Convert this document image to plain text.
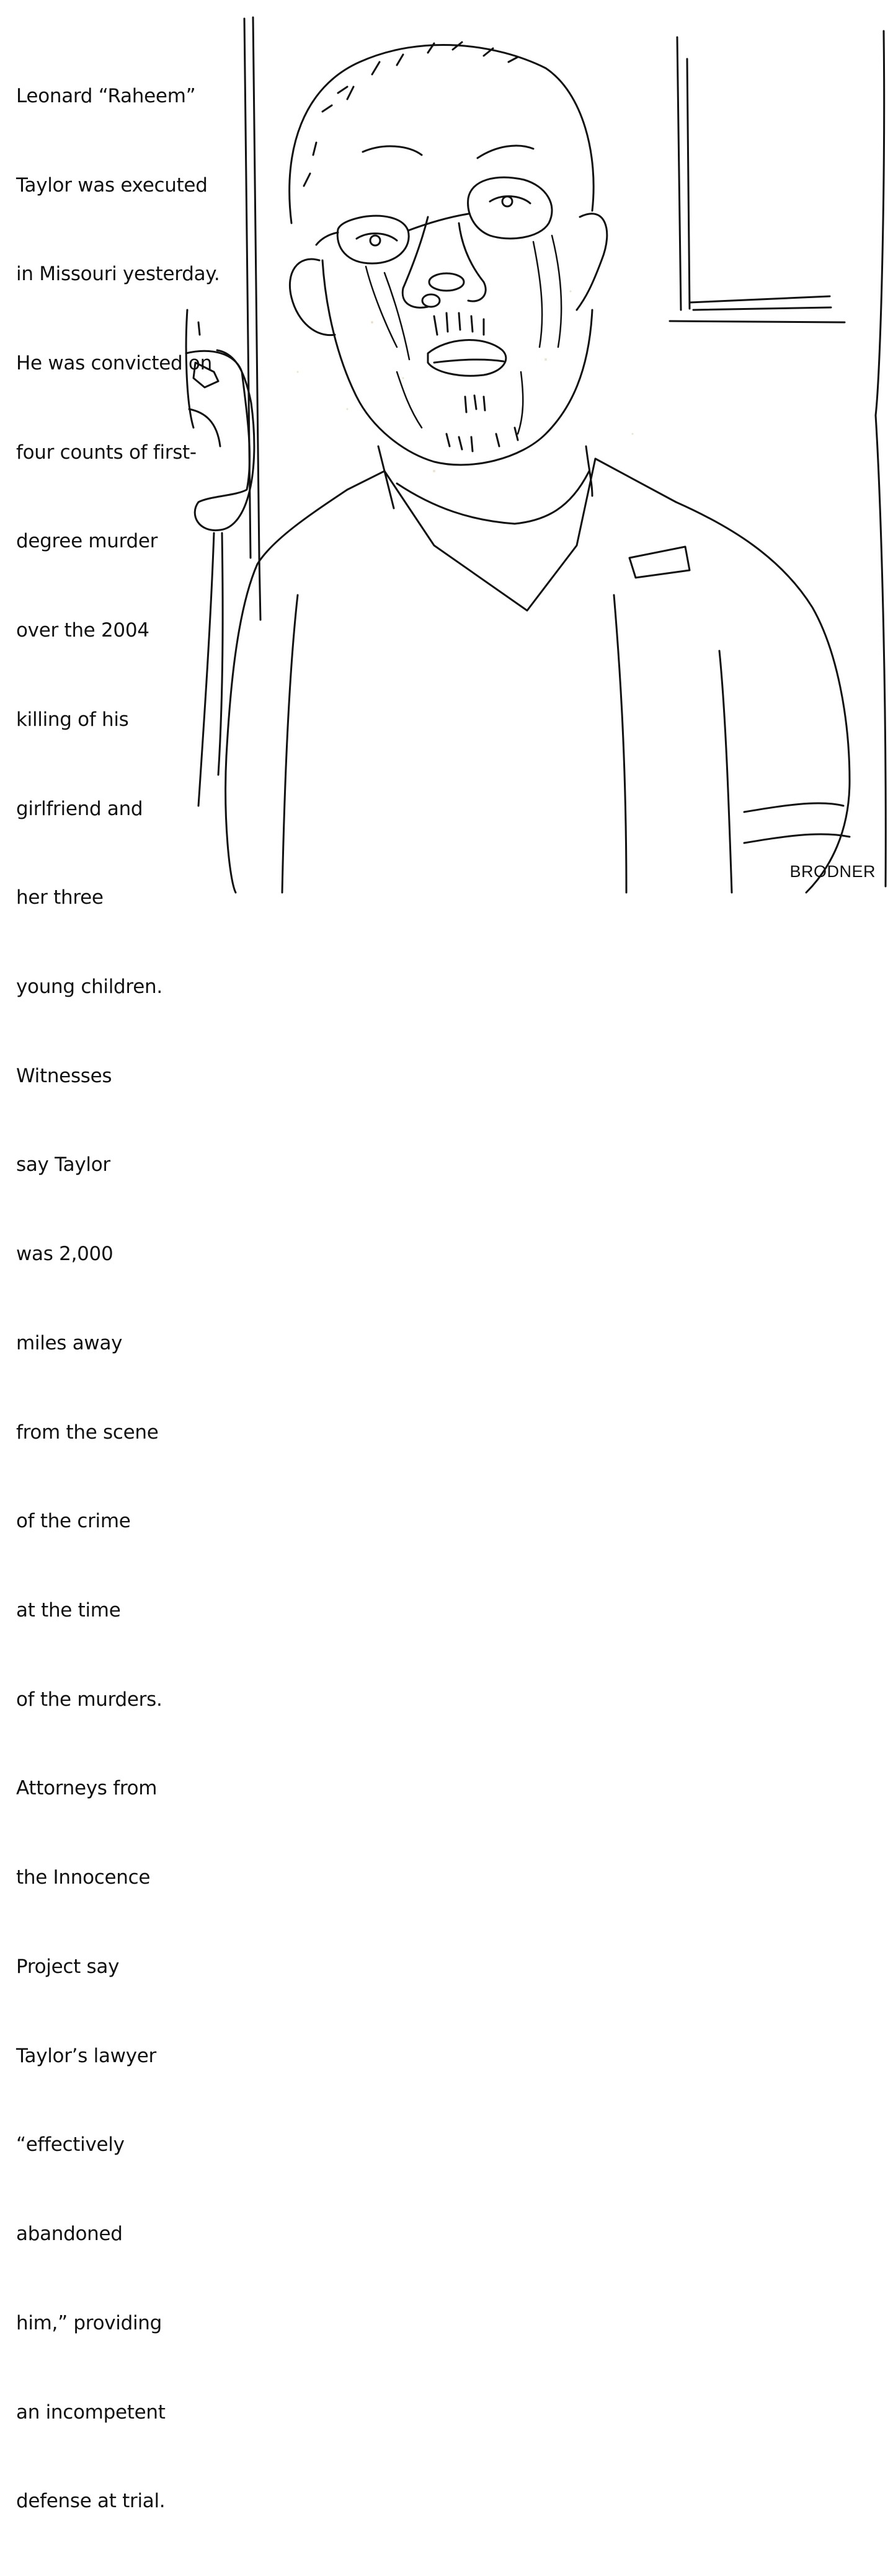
Leonard “Raheem”

Taylor was executed

in Missouri yesterday.

He was convicted on

four counts of first-

degree murder

over the 2004

killing of his

girlfriend and

her three

young children.

Witnesses

say Taylor

was 2,000

miles away

from the scene

of the crime

at the time

of the murders.

Attorneys from

the Innocence

Project say

Taylor’s lawyer

“effectively

abandoned

him,” providing

an incompetent

defense at trial.

BRODNER
